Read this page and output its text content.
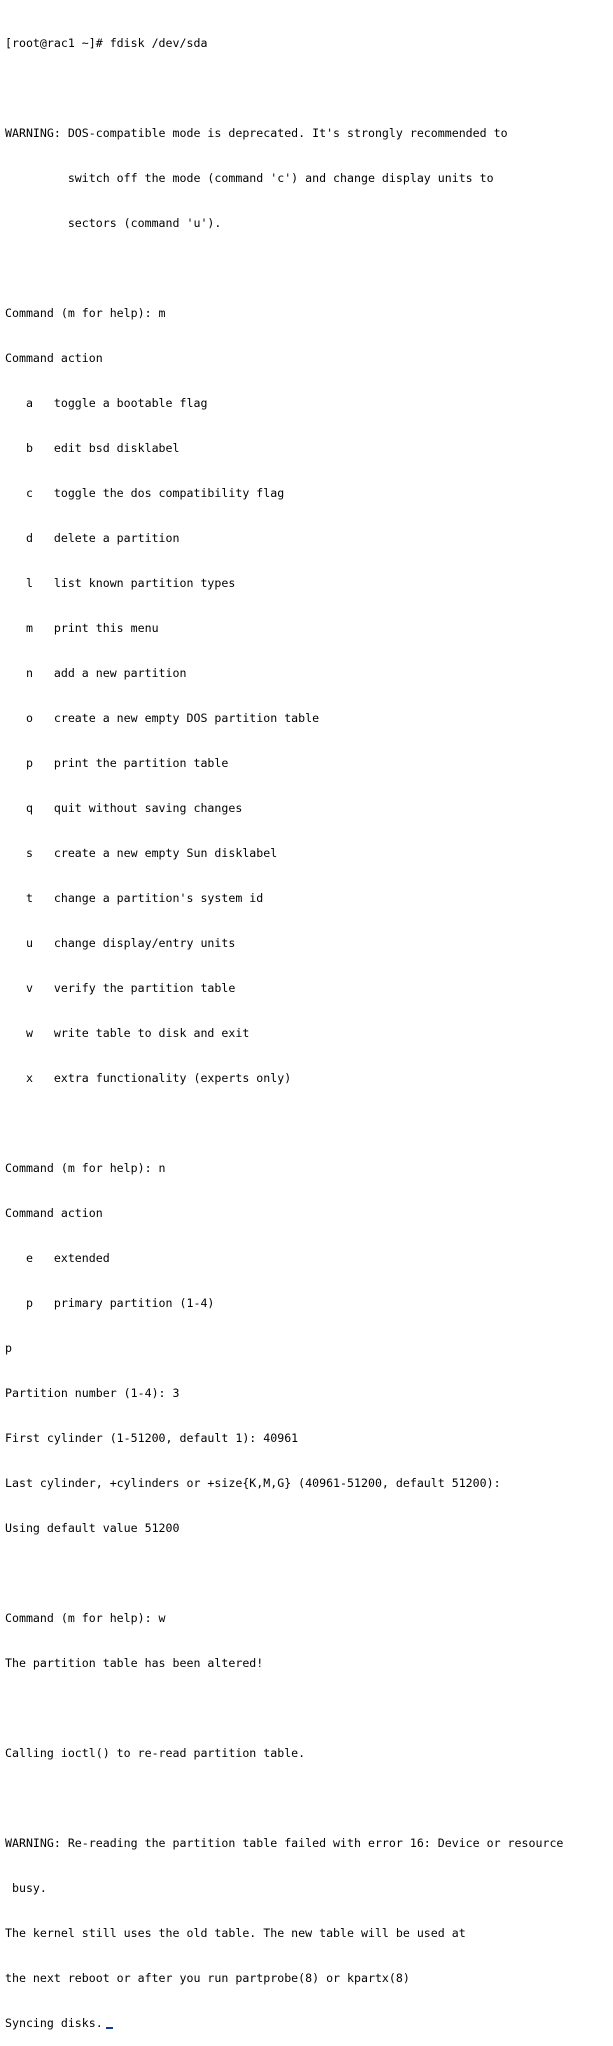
[root@rac1 ~]# fdisk /dev/sda

WARNING: DOS-compatible mode is deprecated. It's strongly recommended to

switch off the mode (command 'c') and change display units to

sectors (command 'u').

Command (m for help): m

Command action

a   toggle a bootable flag

b   edit bsd disklabel

c   toggle the dos compatibility flag

d   delete a partition

l   list known partition types

m   print this menu

n   add a new partition

o   create a new empty DOS partition table

p   print the partition table

q   quit without saving changes

s   create a new empty Sun disklabel

t   change a partition's system id

u   change display/entry units

v   verify the partition table

w   write table to disk and exit

x   extra functionality (experts only)

Command (m for help): n

Command action

e   extended

p   primary partition (1-4)

p

Partition number (1-4): 3

First cylinder (1-51200, default 1): 40961

Last cylinder, +cylinders or +size{K,M,G} (40961-51200, default 51200):

Using default value 51200

Command (m for help): w

The partition table has been altered!

Calling ioctl() to re-read partition table.

WARNING: Re-reading the partition table failed with error 16: Device or resource

busy.

The kernel still uses the old table. The new table will be used at

the next reboot or after you run partprobe(8) or kpartx(8)

Syncing disks.
